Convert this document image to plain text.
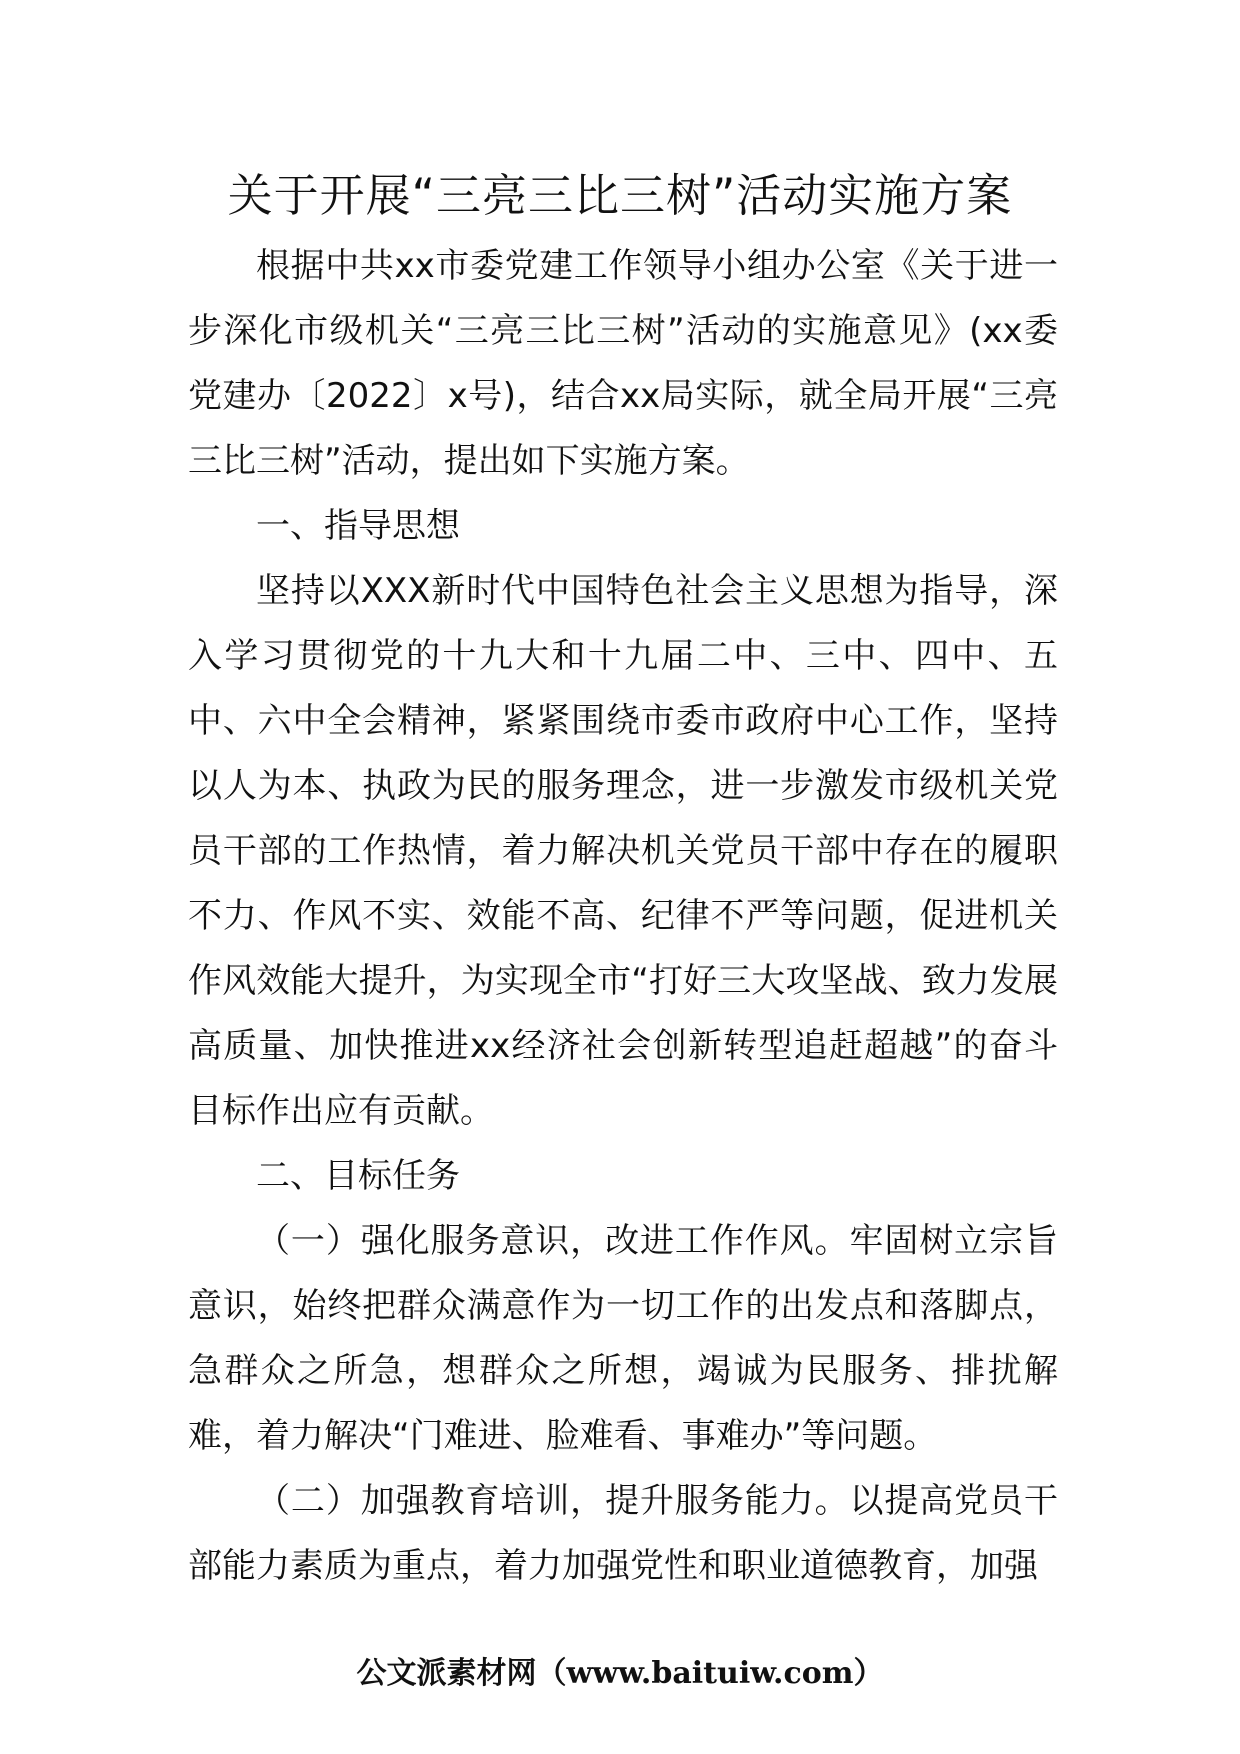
关于开展“三亮三比三树”活动实施方案

根据中共xx市委党建工作领导小组办公室《关于进一步深化市级机关“三亮三比三树”活动的实施意见》(xx委党建办〔2022〕x号)，结合xx局实际，就全局开展“三亮三比三树”活动，提出如下实施方案。

一、指导思想

坚持以XXX新时代中国特色社会主义思想为指导，深入学习贯彻党的十九大和十九届二中、三中、四中、五中、六中全会精神，紧紧围绕市委市政府中心工作，坚持以人为本、执政为民的服务理念，进一步激发市级机关党员干部的工作热情，着力解决机关党员干部中存在的履职不力、作风不实、效能不高、纪律不严等问题，促进机关作风效能大提升，为实现全市“打好三大攻坚战、致力发展高质量、加快推进xx经济社会创新转型追赶超越”的奋斗目标作出应有贡献。

二、目标任务

（一）强化服务意识，改进工作作风。牢固树立宗旨意识，始终把群众满意作为一切工作的出发点和落脚点，急群众之所急，想群众之所想，竭诚为民服务、排扰解难，着力解决“门难进、脸难看、事难办”等问题。

（二）加强教育培训，提升服务能力。以提高党员干部能力素质为重点，着力加强党性和职业道德教育，加强

公文派素材网（www.baituiw.com）
